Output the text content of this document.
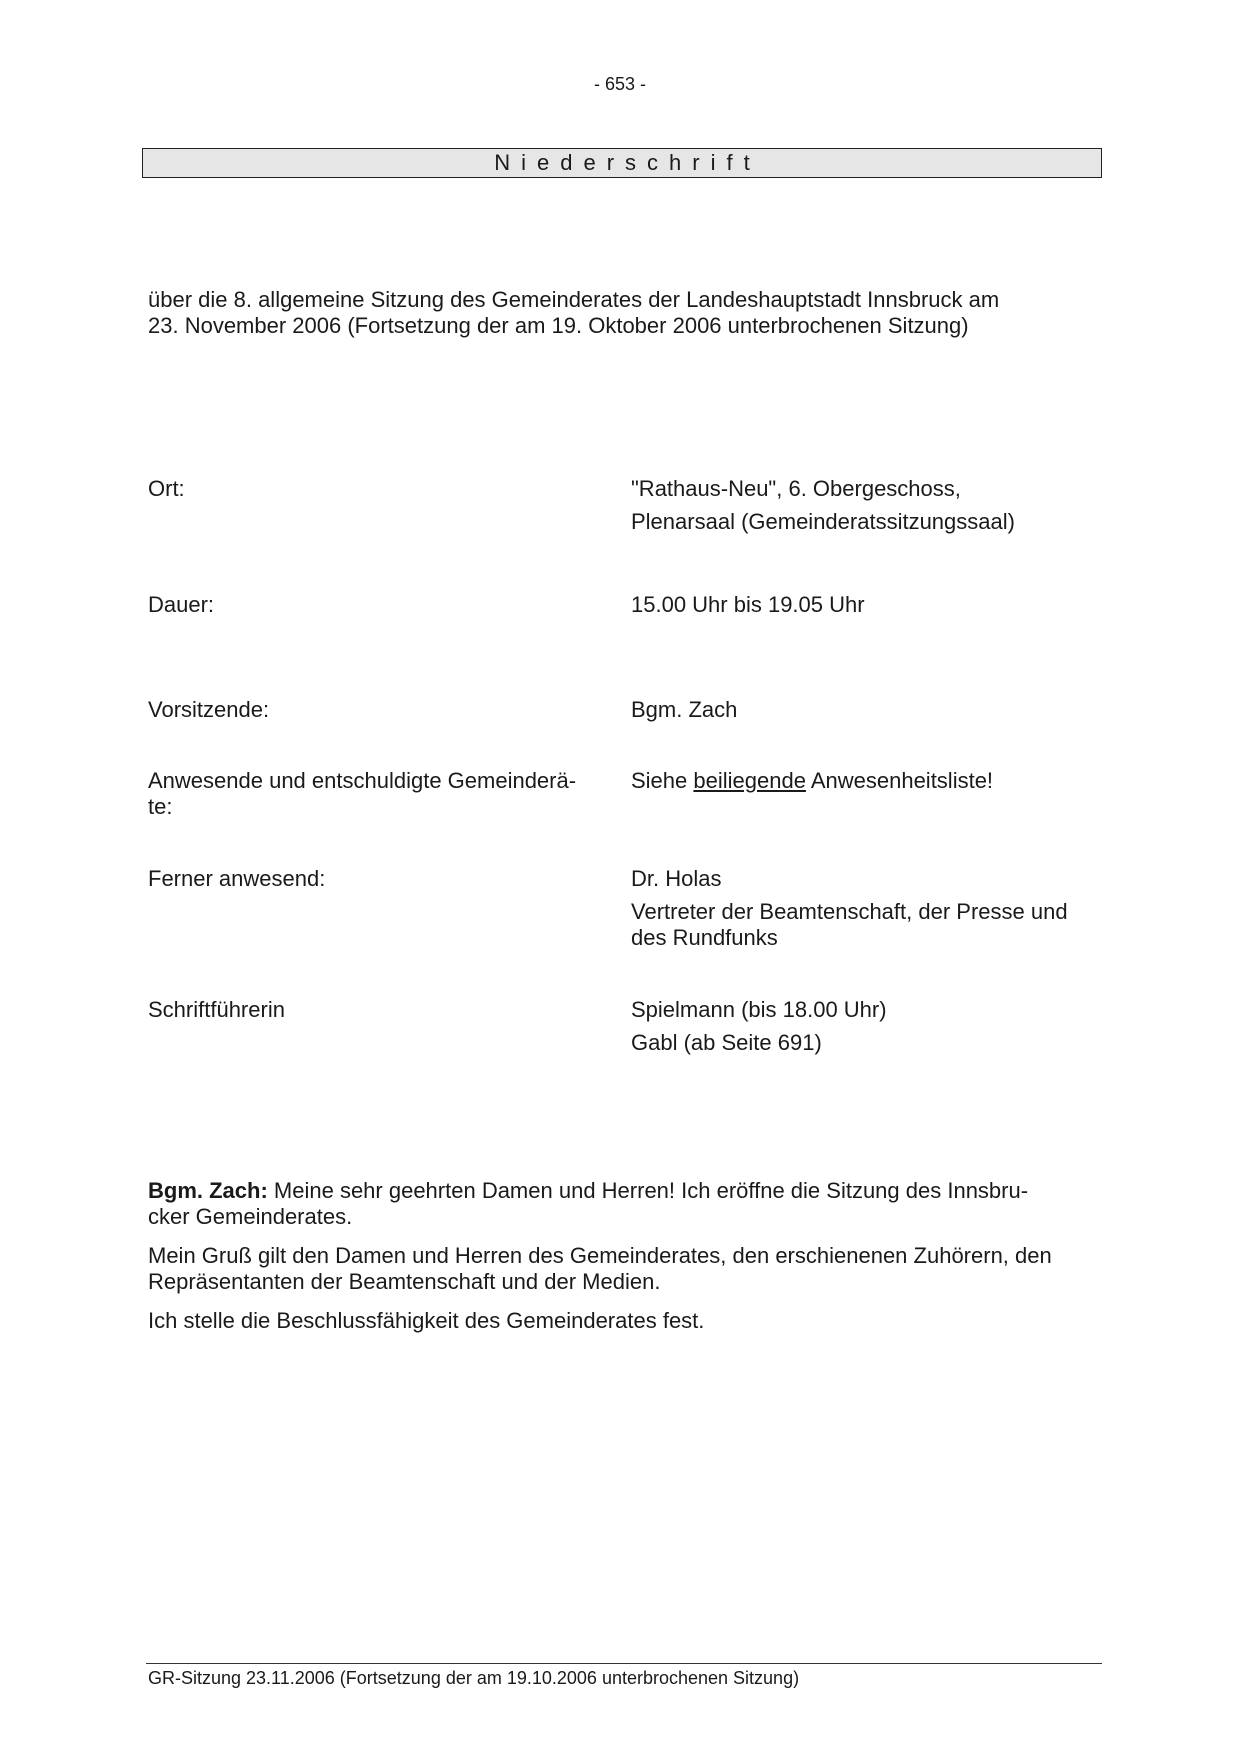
- 653 -
Niederschrift

über die 8. allgemeine Sitzung des Gemeinderates der Landeshauptstadt Innsbruck am

23. November 2006 (Fortsetzung der am 19. Oktober 2006 unterbrochenen Sitzung)

Ort:	"Rathaus-Neu", 6. Obergeschoss,

Plenarsaal (Gemeinderatssitzungssaal)

Dauer:	15.00 Uhr bis 19.05 Uhr

Vorsitzende:	Bgm. Zach

Anwesende und entschuldigte Gemeinderä-
te:

Siehe beiliegende Anwesenheitsliste!

Ferner anwesend:	Dr. Holas

Vertreter der Beamtenschaft, der Presse und
des Rundfunks

Schriftführerin	Spielmann (bis 18.00 Uhr)

Gabl (ab Seite 691)

Bgm. Zach: Meine sehr geehrten Damen und Herren! Ich eröffne die Sitzung des Innsbru-
cker Gemeinderates.

Mein Gruß gilt den Damen und Herren des Gemeinderates, den erschienenen Zuhörern, den
Repräsentanten der Beamtenschaft und der Medien.

Ich stelle die Beschlussfähigkeit des Gemeinderates fest.

GR-Sitzung 23.11.2006 (Fortsetzung der am 19.10.2006 unterbrochenen Sitzung)
